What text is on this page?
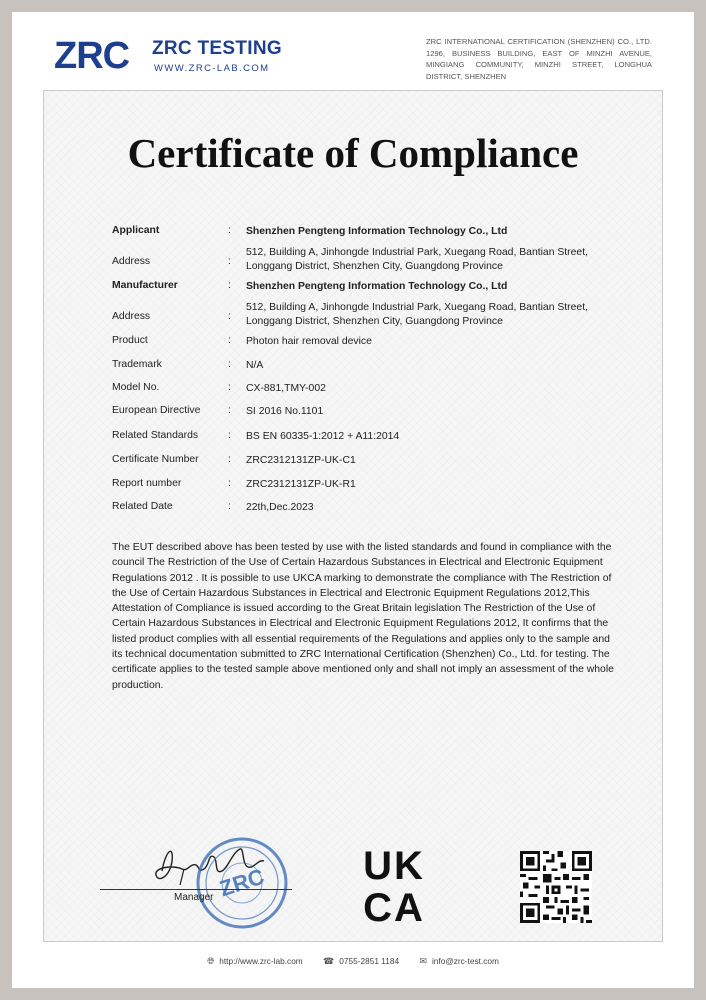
ZRC ZRC TESTING
WWW.ZRC-LAB.COM
ZRC INTERNATIONAL CERTIFICATION (SHENZHEN) CO., LTD. 1296, BUSINESS BUILDING, EAST OF MINZHI AVENUE, MINGIANG COMMUNITY, MINZHI STREET, LONGHUA DISTRICT, SHENZHEN
Certificate of Compliance
Applicant	: Shenzhen Pengteng Information Technology Co., Ltd
Address	:
512, Building A, Jinhongde Industrial Park, Xuegang Road, Bantian Street, Longgang District, Shenzhen City, Guangdong Province
Manufacturer	: Shenzhen Pengteng Information Technology Co., Ltd
Address	:
512, Building A, Jinhongde Industrial Park, Xuegang Road, Bantian Street, Longgang District, Shenzhen City, Guangdong Province
Product	: Photon hair removal device
Trademark	: N/A
Model No.	: CX-881,TMY-002
European Directive	: SI 2016 No.1101
Related Standards	: BS EN 60335-1:2012 + A11:2014
Certificate Number	: ZRC2312131ZP-UK-C1
Report number	: ZRC2312131ZP-UK-R1
Related Date	: 22th,Dec.2023
The EUT described above has been tested by use with the listed standards and found in compliance with the council The Restriction of the Use of Certain Hazardous Substances in Electrical and Electronic Equipment Regulations 2012 . It is possible to use UKCA marking to demonstrate the compliance with The Restriction of the Use of Certain Hazardous Substances in Electrical and Electronic Equipment Regulations 2012,This Attestation of Compliance is issued according to the Great Britain legislation The Restriction of the Use of Certain Hazardous Substances in Electrical and Electronic Equipment Regulations 2012, It confirms that the listed product complies with all essential requirements of the Regulations and applies only to the sample and its technical documentation submitted to ZRC International Certification (Shenzhen) Co., Ltd. for testing. The certificate applies to the tested sample above mentioned only and shall not imply an assessment of the whole production.
ZRC
Manager
UK
CA
🌐︎ http://www.zrc-lab.com ☎ 0755-2851 1184 ✉ info@zrc-test.com
